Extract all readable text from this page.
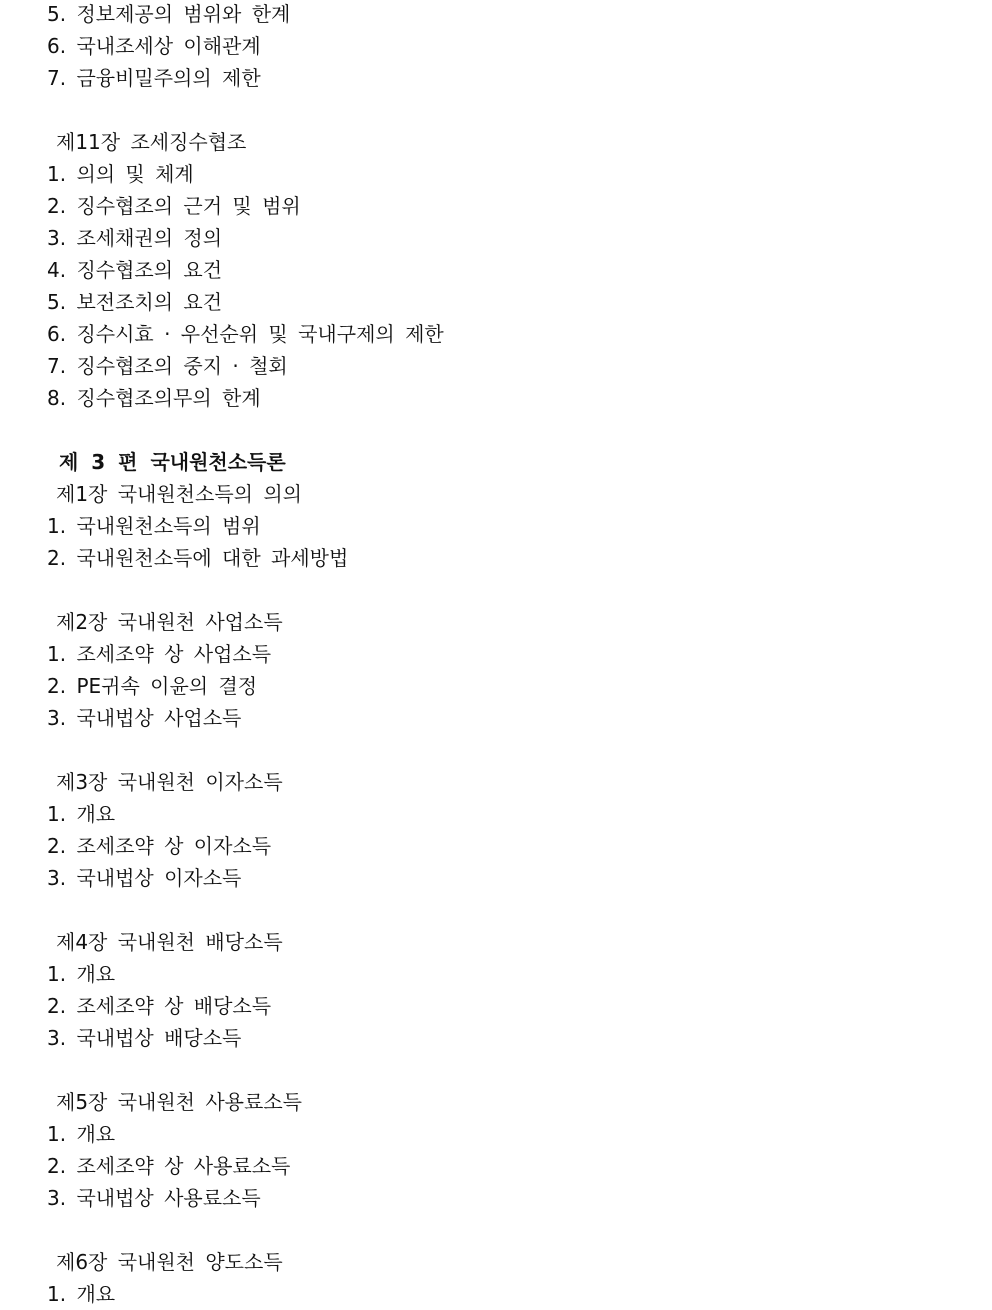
5. 정보제공의 범위와 한계
6. 국내조세상 이해관계
7. 금융비밀주의의 제한
제11장 조세징수협조
1. 의의 및 체계
2. 징수협조의 근거 및 범위
3. 조세채권의 정의
4. 징수협조의 요건
5. 보전조치의 요건
6. 징수시효 · 우선순위 및 국내구제의 제한
7. 징수협조의 중지 · 철회
8. 징수협조의무의 한계
제 3 편 국내원천소득론
제1장 국내원천소득의 의의
1. 국내원천소득의 범위
2. 국내원천소득에 대한 과세방법
제2장 국내원천 사업소득
1. 조세조약 상 사업소득
2. PE귀속 이윤의 결정
3. 국내법상 사업소득
제3장 국내원천 이자소득
1. 개요
2. 조세조약 상 이자소득
3. 국내법상 이자소득
제4장 국내원천 배당소득
1. 개요
2. 조세조약 상 배당소득
3. 국내법상 배당소득
제5장 국내원천 사용료소득
1. 개요
2. 조세조약 상 사용료소득
3. 국내법상 사용료소득
제6장 국내원천 양도소득
1. 개요
